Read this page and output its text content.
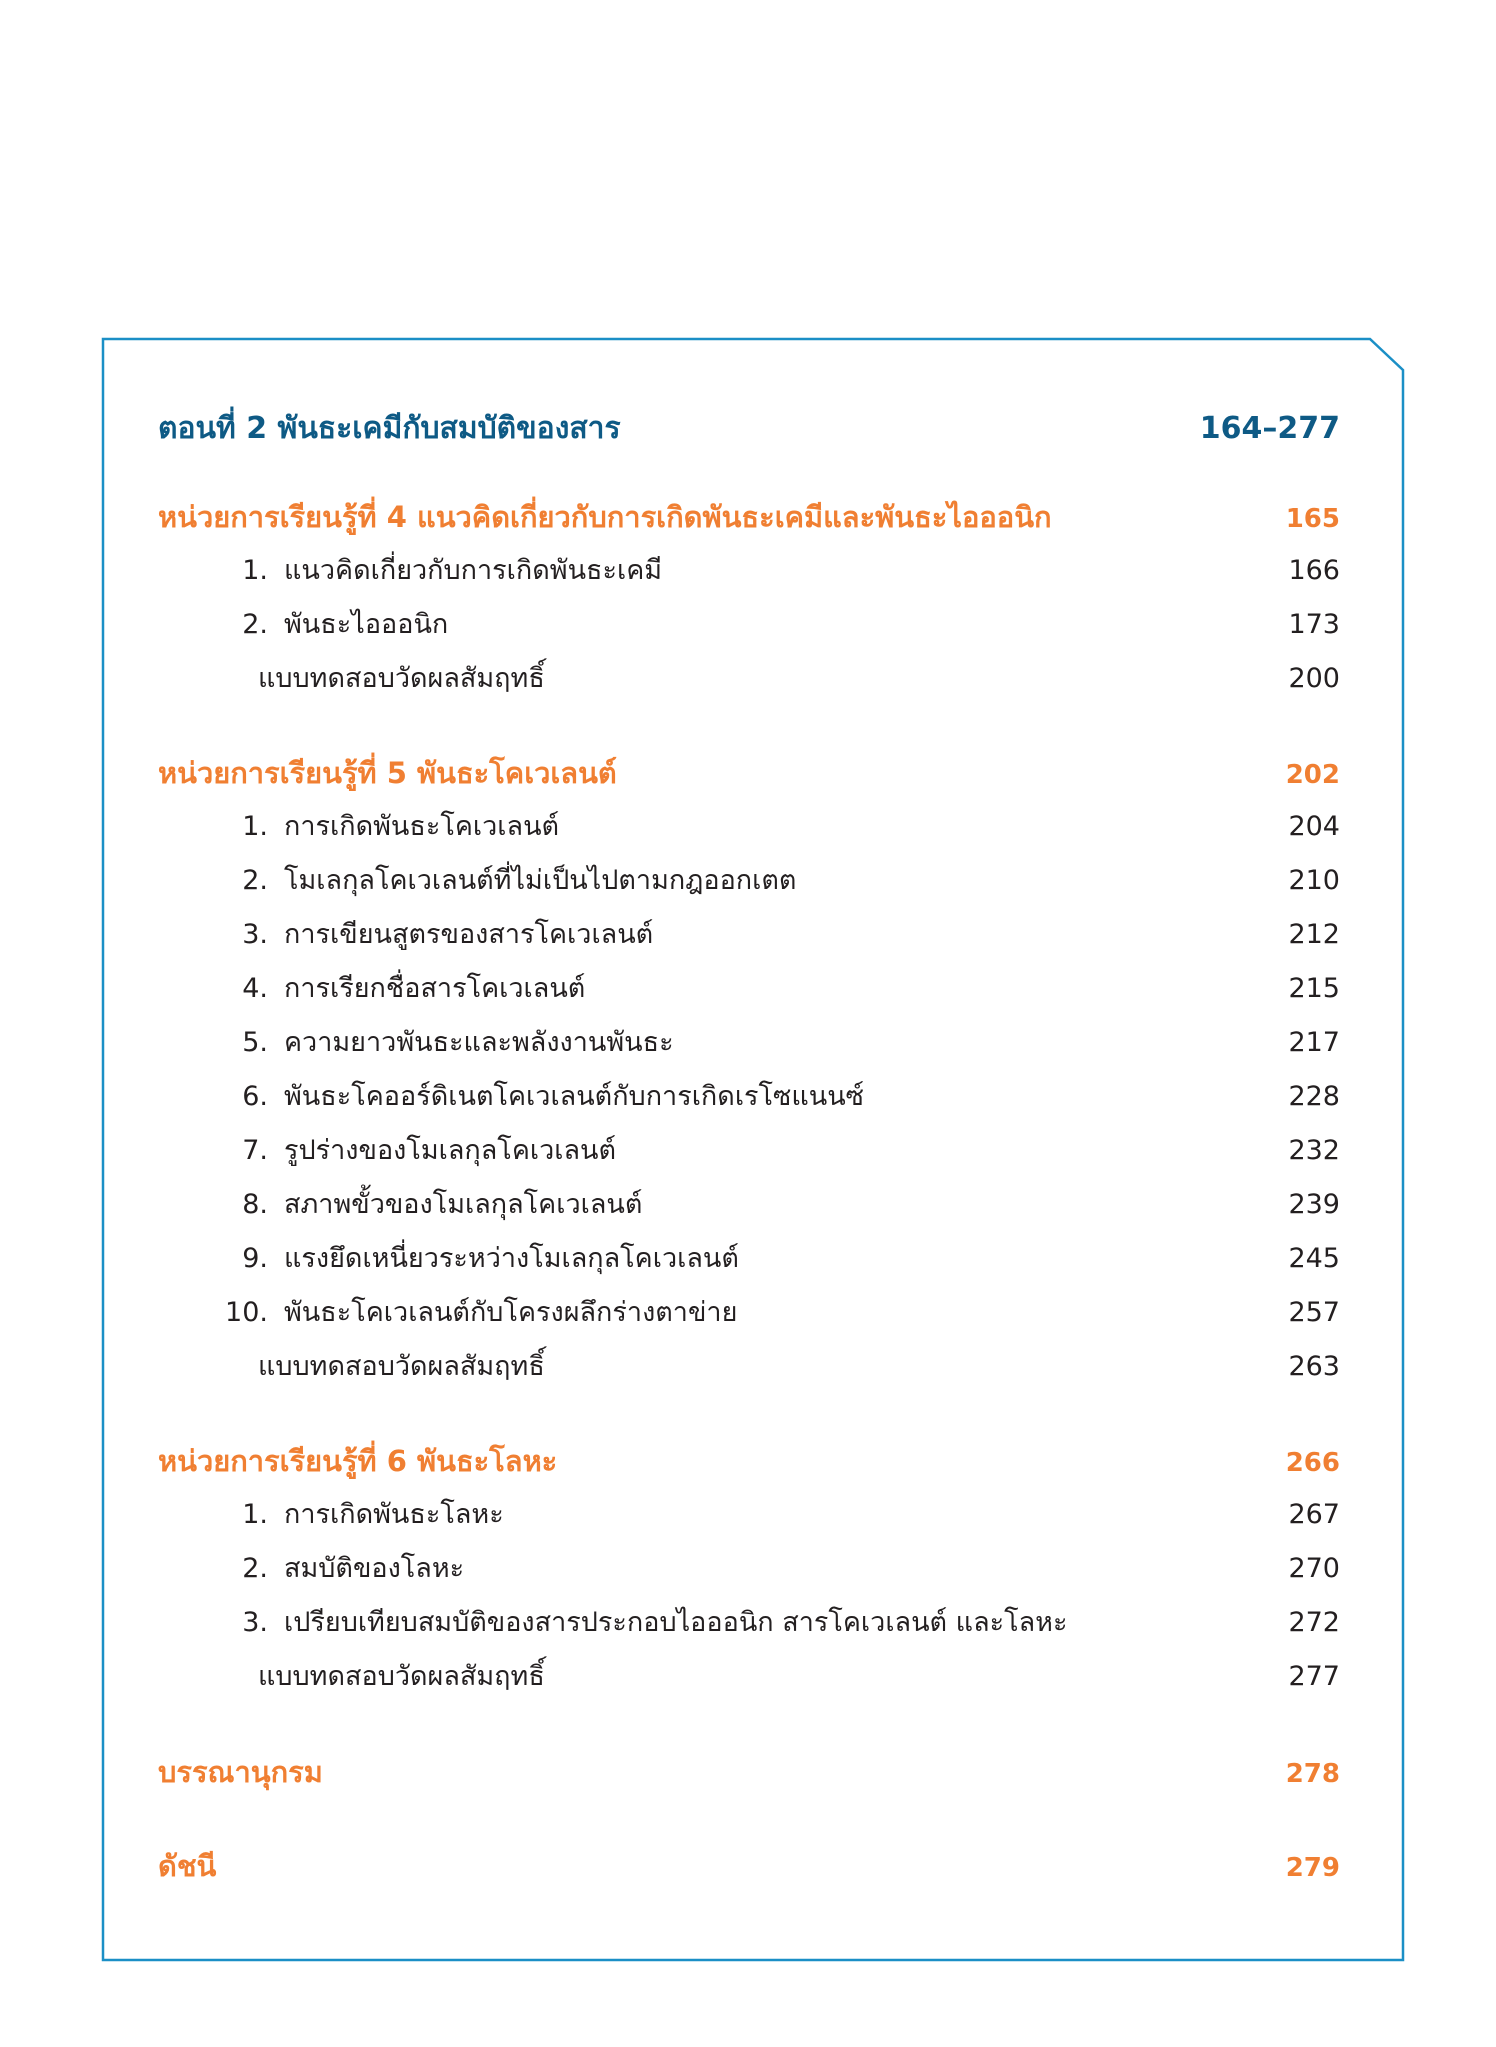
ตอนที่ 2 พันธะเคมีกับสมบัติของสาร	164–277
หน่วยการเรียนรู้ที่ 4 แนวคิดเกี่ยวกับการเกิดพันธะเคมีและพันธะไอออนิก	165
1. แนวคิดเกี่ยวกับการเกิดพันธะเคมี	166
2. พันธะไอออนิก	173
แบบทดสอบวัดผลสัมฤทธิ์	200
หน่วยการเรียนรู้ที่ 5 พันธะโคเวเลนต์	202
1. การเกิดพันธะโคเวเลนต์	204
2. โมเลกุลโคเวเลนต์ที่ไม่เป็นไปตามกฎออกเตต	210
3. การเขียนสูตรของสารโคเวเลนต์	212
4. การเรียกชื่อสารโคเวเลนต์	215
5. ความยาวพันธะและพลังงานพันธะ	217
6. พันธะโคออร์ดิเนตโคเวเลนต์กับการเกิดเรโซแนนซ์	228
7. รูปร่างของโมเลกุลโคเวเลนต์	232
8. สภาพขั้วของโมเลกุลโคเวเลนต์	239
9. แรงยึดเหนี่ยวระหว่างโมเลกุลโคเวเลนต์	245
10. พันธะโคเวเลนต์กับโครงผลึกร่างตาข่าย	257
แบบทดสอบวัดผลสัมฤทธิ์	263
หน่วยการเรียนรู้ที่ 6 พันธะโลหะ	266
1. การเกิดพันธะโลหะ	267
2. สมบัติของโลหะ	270
3. เปรียบเทียบสมบัติของสารประกอบไอออนิก สารโคเวเลนต์ และโลหะ	272
แบบทดสอบวัดผลสัมฤทธิ์	277
บรรณานุกรม	278
ดัชนี	279
